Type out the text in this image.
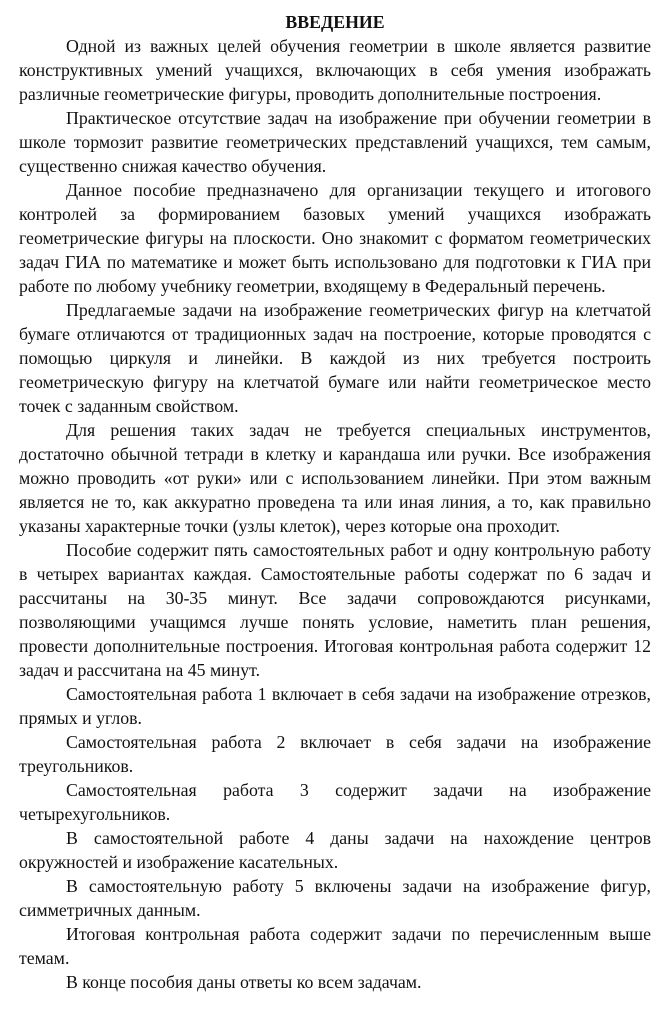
ВВЕДЕНИЕ

Одной из важных целей обучения геометрии в школе является развитие конструктивных умений учащихся, включающих в себя умения изображать различные геометрические фигуры, проводить дополнительные построения.

Практическое отсутствие задач на изображение при обучении геометрии в школе тормозит развитие геометрических представлений учащихся, тем самым, существенно снижая качество обучения.

Данное пособие предназначено для организации текущего и итогового контролей за формированием базовых умений учащихся изображать геометрические фигуры на плоскости. Оно знакомит с форматом геометрических задач ГИА по математике и может быть использовано для подготовки к ГИА при работе по любому учебнику геометрии, входящему в Федеральный перечень.

Предлагаемые задачи на изображение геометрических фигур на клетчатой бумаге отличаются от традиционных задач на построение, которые проводятся с помощью циркуля и линейки. В каждой из них требуется построить геометрическую фигуру на клетчатой бумаге или найти геометрическое место точек с заданным свойством.

Для решения таких задач не требуется специальных инструментов, достаточно обычной тетради в клетку и карандаша или ручки. Все изображения можно проводить «от руки» или с использованием линейки. При этом важным является не то, как аккуратно проведена та или иная линия, а то, как правильно указаны характерные точки (узлы клеток), через которые она проходит.

Пособие содержит пять самостоятельных работ и одну контрольную работу в четырех вариантах каждая. Самостоятельные работы содержат по 6 задач и рассчитаны на 30-35 минут. Все задачи сопровождаются рисунками, позволяющими учащимся лучше понять условие, наметить план решения, провести дополнительные построения. Итоговая контрольная работа содержит 12 задач и рассчитана на 45 минут.

Самостоятельная работа 1 включает в себя задачи на изображение отрезков, прямых и углов.

Самостоятельная работа 2 включает в себя задачи на изображение треугольников.

Самостоятельная работа 3 содержит задачи на изображение четырехугольников.

В самостоятельной работе 4 даны задачи на нахождение центров окружностей и изображение касательных.

В самостоятельную работу 5 включены задачи на изображение фигур, симметричных данным.

Итоговая контрольная работа содержит задачи по перечисленным выше темам.

В конце пособия даны ответы ко всем задачам.
